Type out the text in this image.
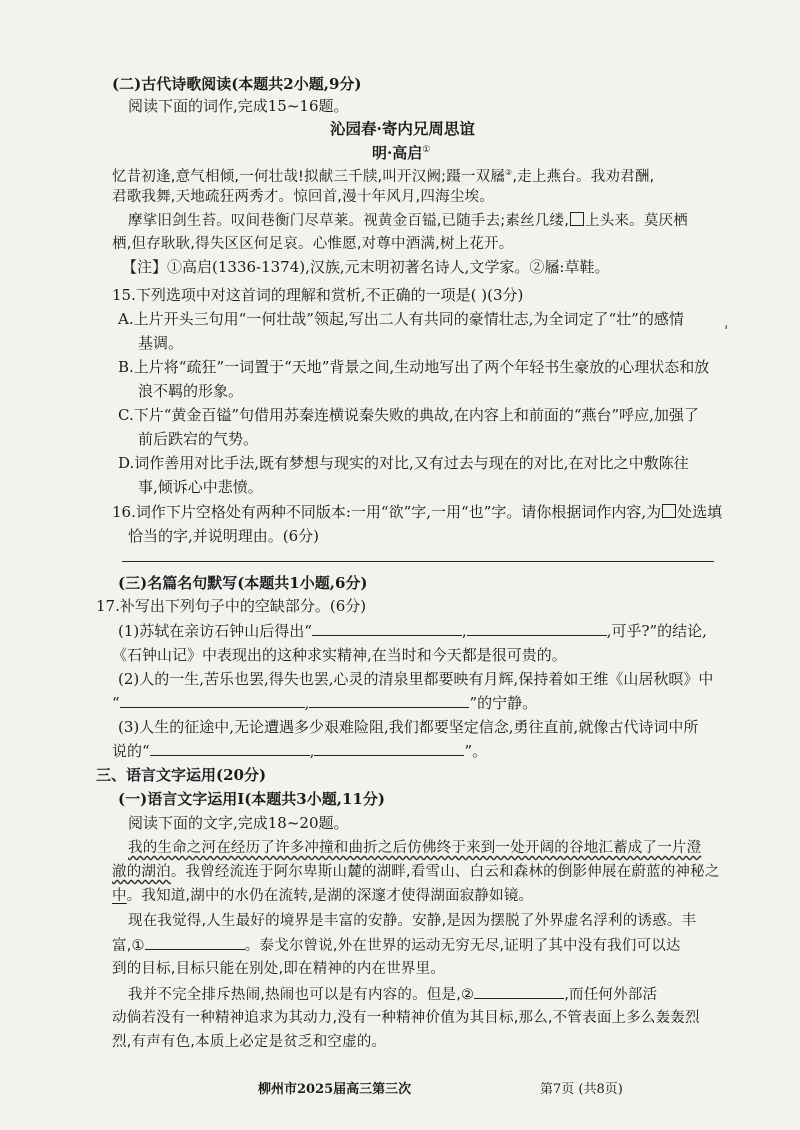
(二)古代诗歌阅读(本题共2小题,9分)
阅读下面的词作,完成15~16题。
沁园春·寄内兄周思谊
明·高启①
忆昔初逢,意气相倾,一何壮哉!拟献三千牍,叫开汉阙;蹑一双屩②,走上燕台。我劝君酬,
君歌我舞,天地疏狂两秀才。惊回首,漫十年风月,四海尘埃。
摩挲旧剑生苔。叹间巷衡门尽草莱。视黄金百镒,已随手去;素丝几缕, 上头来。莫厌栖
栖,但存耿耿,得失区区何足哀。心惟愿,对尊中酒满,树上花开。
【注】①高启(1336-1374),汉族,元末明初著名诗人,文学家。②屩:草鞋。
15.下列选项中对这首词的理解和赏析,不正确的一项是( )(3分)
A.上片开头三句用“一何壮哉”领起,写出二人有共同的豪情壮志,为全词定了“壮”的感情
基调。
B.上片将“疏狂”一词置于“天地”背景之间,生动地写出了两个年轻书生豪放的心理状态和放
浪不羁的形象。
C.下片“黄金百镒”句借用苏秦连横说秦失败的典故,在内容上和前面的“燕台”呼应,加强了
前后跌宕的气势。
D.词作善用对比手法,既有梦想与现实的对比,又有过去与现在的对比,在对比之中敷陈往
事,倾诉心中悲愤。
16.词作下片空格处有两种不同版本:一用“欲”字,一用“也”字。请你根据词作内容,为 处选填
恰当的字,并说明理由。(6分)
(三)名篇名句默写(本题共1小题,6分)
17.补写出下列句子中的空缺部分。(6分)
(1)苏轼在亲访石钟山后得出“	,	,可乎?”的结论,
《石钟山记》中表现出的这种求实精神,在当时和今天都是很可贵的。
(2)人的一生,苦乐也罢,得失也罢,心灵的清泉里都要映有月辉,保持着如王维《山居秋暝》中
“	,	”的宁静。
(3)人生的征途中,无论遭遇多少艰难险阻,我们都要坚定信念,勇往直前,就像古代诗词中所
说的“	,	”。
三、语言文字运用(20分)
(一)语言文字运用Ⅰ(本题共3小题,11分)
阅读下面的文字,完成18~20题。
我的生命之河在经历了许多冲撞和曲折之后仿佛终于来到一处开阔的谷地汇蓄成了一片澄
澈的湖泊。我曾经流连于阿尔卑斯山麓的湖畔,看雪山、白云和森林的倒影伸展在蔚蓝的神秘之
中。我知道,湖中的水仍在流转,是湖的深邃才使得湖面寂静如镜。
现在我觉得,人生最好的境界是丰富的安静。安静,是因为摆脱了外界虚名浮利的诱惑。丰
富,①	。泰戈尔曾说,外在世界的运动无穷无尽,证明了其中没有我们可以达
到的目标,目标只能在别处,即在精神的内在世界里。
我并不完全排斥热闹,热闹也可以是有内容的。但是,②	,而任何外部活
动倘若没有一种精神追求为其动力,没有一种精神价值为其目标,那么,不管表面上多么轰轰烈
烈,有声有色,本质上必定是贫乏和空虚的。
柳州市2025届高三第三次	第7页 (共8页)
ˌ
